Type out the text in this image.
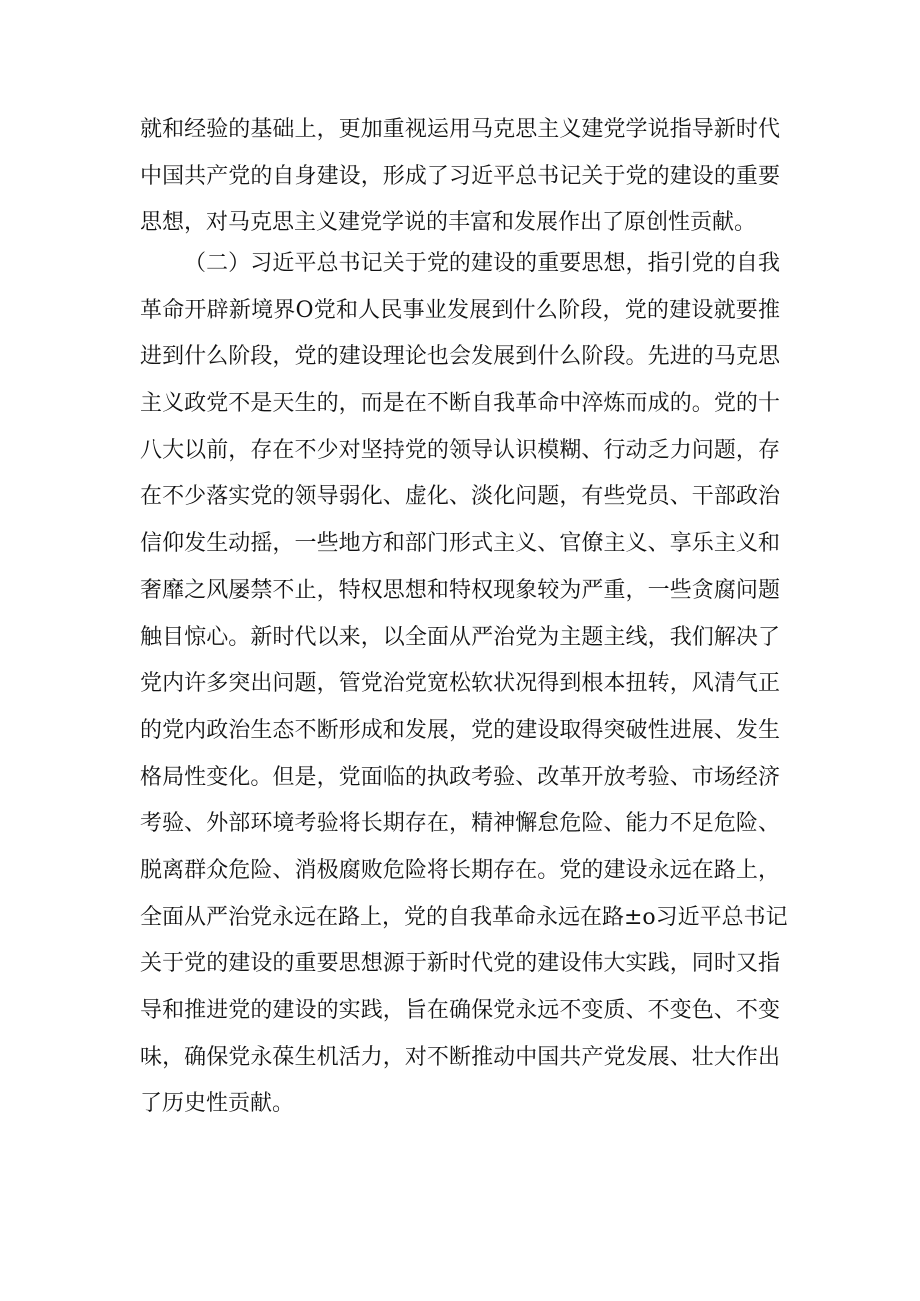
就和经验的基础上，更加重视运用马克思主义建党学说指导新时代
中国共产党的自身建设，形成了习近平总书记关于党的建设的重要
思想，对马克思主义建党学说的丰富和发展作出了原创性贡献。
（二）习近平总书记关于党的建设的重要思想，指引党的自我
革命开辟新境界O党和人民事业发展到什么阶段，党的建设就要推
进到什么阶段，党的建设理论也会发展到什么阶段。先进的马克思
主义政党不是天生的，而是在不断自我革命中淬炼而成的。党的十
八大以前，存在不少对坚持党的领导认识模糊、行动乏力问题，存
在不少落实党的领导弱化、虚化、淡化问题，有些党员、干部政治
信仰发生动摇，一些地方和部门形式主义、官僚主义、享乐主义和
奢靡之风屡禁不止，特权思想和特权现象较为严重，一些贪腐问题
触目惊心。新时代以来，以全面从严治党为主题主线，我们解决了
党内许多突出问题，管党治党宽松软状况得到根本扭转，风清气正
的党内政治生态不断形成和发展，党的建设取得突破性进展、发生
格局性变化。但是，党面临的执政考验、改革开放考验、市场经济
考验、外部环境考验将长期存在，精神懈怠危险、能力不足危险、
脱离群众危险、消极腐败危险将长期存在。党的建设永远在路上，
全面从严治党永远在路上，党的自我革命永远在路±o习近平总书记
关于党的建设的重要思想源于新时代党的建设伟大实践，同时又指
导和推进党的建设的实践，旨在确保党永远不变质、不变色、不变
味，确保党永葆生机活力，对不断推动中国共产党发展、壮大作出
了历史性贡献。
